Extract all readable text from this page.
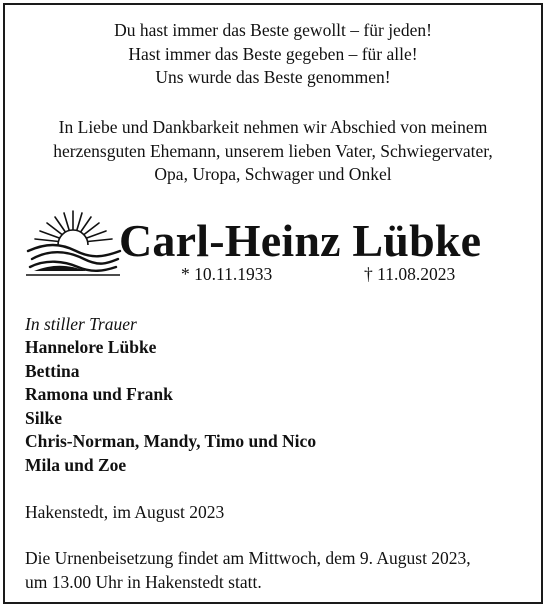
Du hast immer das Beste gewollt – für jeden!
Hast immer das Beste gegeben – für alle!
Uns wurde das Beste genommen!
In Liebe und Dankbarkeit nehmen wir Abschied von meinem
herzensguten Ehemann, unserem lieben Vater, Schwiegervater,
Opa, Uropa, Schwager und Onkel
Carl-Heinz Lübke
* 10.11.1933	† 11.08.2023
In stiller Trauer
Hannelore Lübke
Bettina
Ramona und Frank
Silke
Chris-Norman, Mandy, Timo und Nico
Mila und Zoe
Hakenstedt, im August 2023
Die Urnenbeisetzung findet am Mittwoch, dem 9. August 2023,
um 13.00 Uhr in Hakenstedt statt.
